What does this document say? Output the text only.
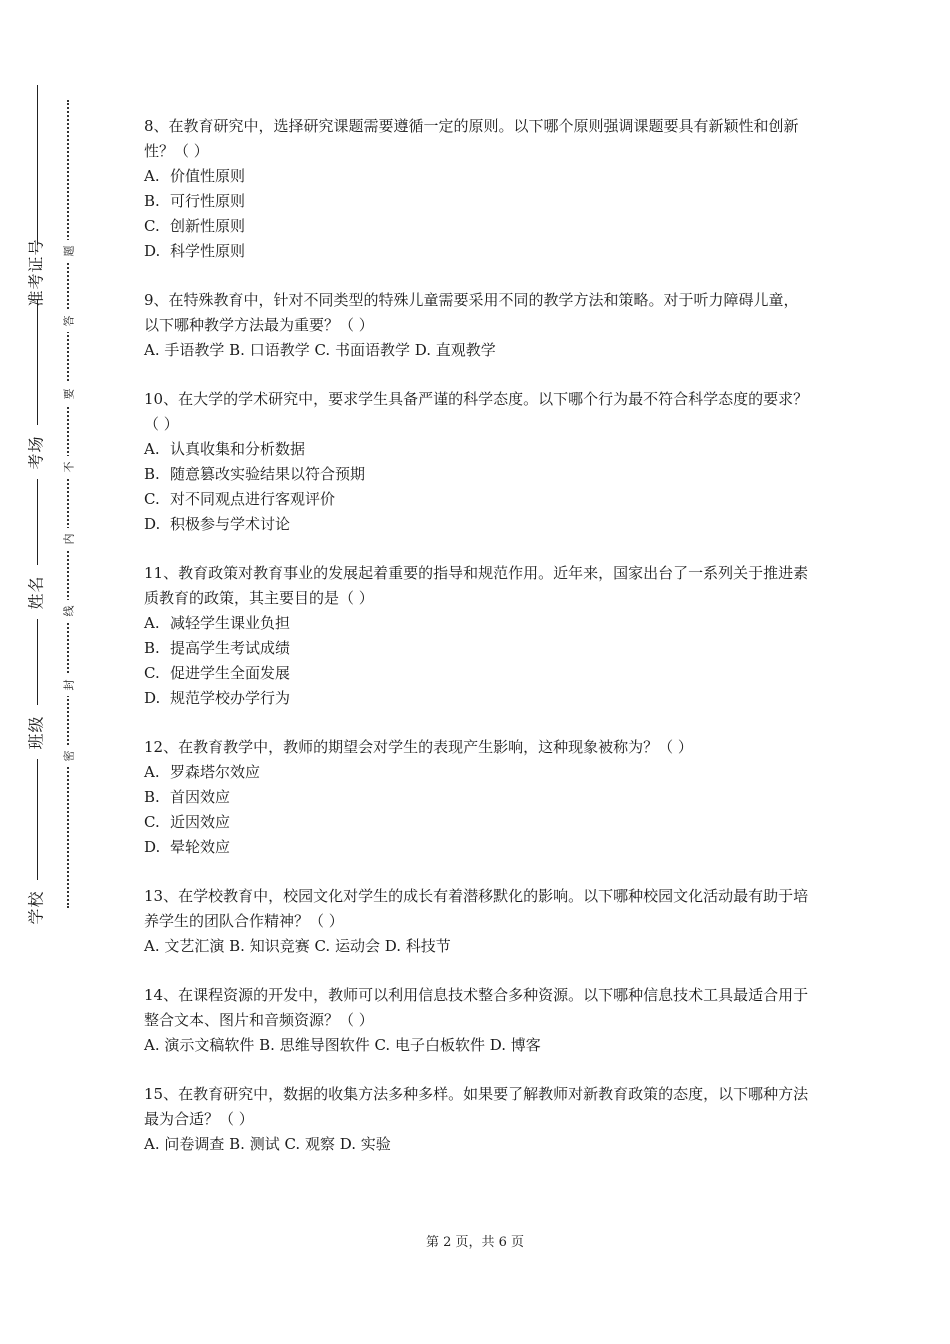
准考证号
考场
姓名
班级
学校
题
答
要
不
内
线
封
密

8、在教育研究中，选择研究课题需要遵循一定的原则。以下哪个原则强调课题要具有新颖性和创新性？（ ）

A. 价值性原则

B. 可行性原则

C. 创新性原则

D. 科学性原则

9、在特殊教育中，针对不同类型的特殊儿童需要采用不同的教学方法和策略。对于听力障碍儿童，以下哪种教学方法最为重要？（ ）

A. 手语教学 B. 口语教学 C. 书面语教学 D. 直观教学

10、在大学的学术研究中，要求学生具备严谨的科学态度。以下哪个行为最不符合科学态度的要求？（ ）

A. 认真收集和分析数据

B. 随意篡改实验结果以符合预期

C. 对不同观点进行客观评价

D. 积极参与学术讨论

11、教育政策对教育事业的发展起着重要的指导和规范作用。近年来，国家出台了一系列关于推进素质教育的政策，其主要目的是（ ）

A. 减轻学生课业负担

B. 提高学生考试成绩

C. 促进学生全面发展

D. 规范学校办学行为

12、在教育教学中，教师的期望会对学生的表现产生影响，这种现象被称为？（ ）

A. 罗森塔尔效应

B. 首因效应

C. 近因效应

D. 晕轮效应

13、在学校教育中，校园文化对学生的成长有着潜移默化的影响。以下哪种校园文化活动最有助于培养学生的团队合作精神？（ ）

A. 文艺汇演 B. 知识竞赛 C. 运动会 D. 科技节

14、在课程资源的开发中，教师可以利用信息技术整合多种资源。以下哪种信息技术工具最适合用于整合文本、图片和音频资源？（ ）

A. 演示文稿软件 B. 思维导图软件 C. 电子白板软件 D. 博客

15、在教育研究中，数据的收集方法多种多样。如果要了解教师对新教育政策的态度，以下哪种方法最为合适？（ ）

A. 问卷调查 B. 测试 C. 观察 D. 实验

第 2 页，共 6 页
